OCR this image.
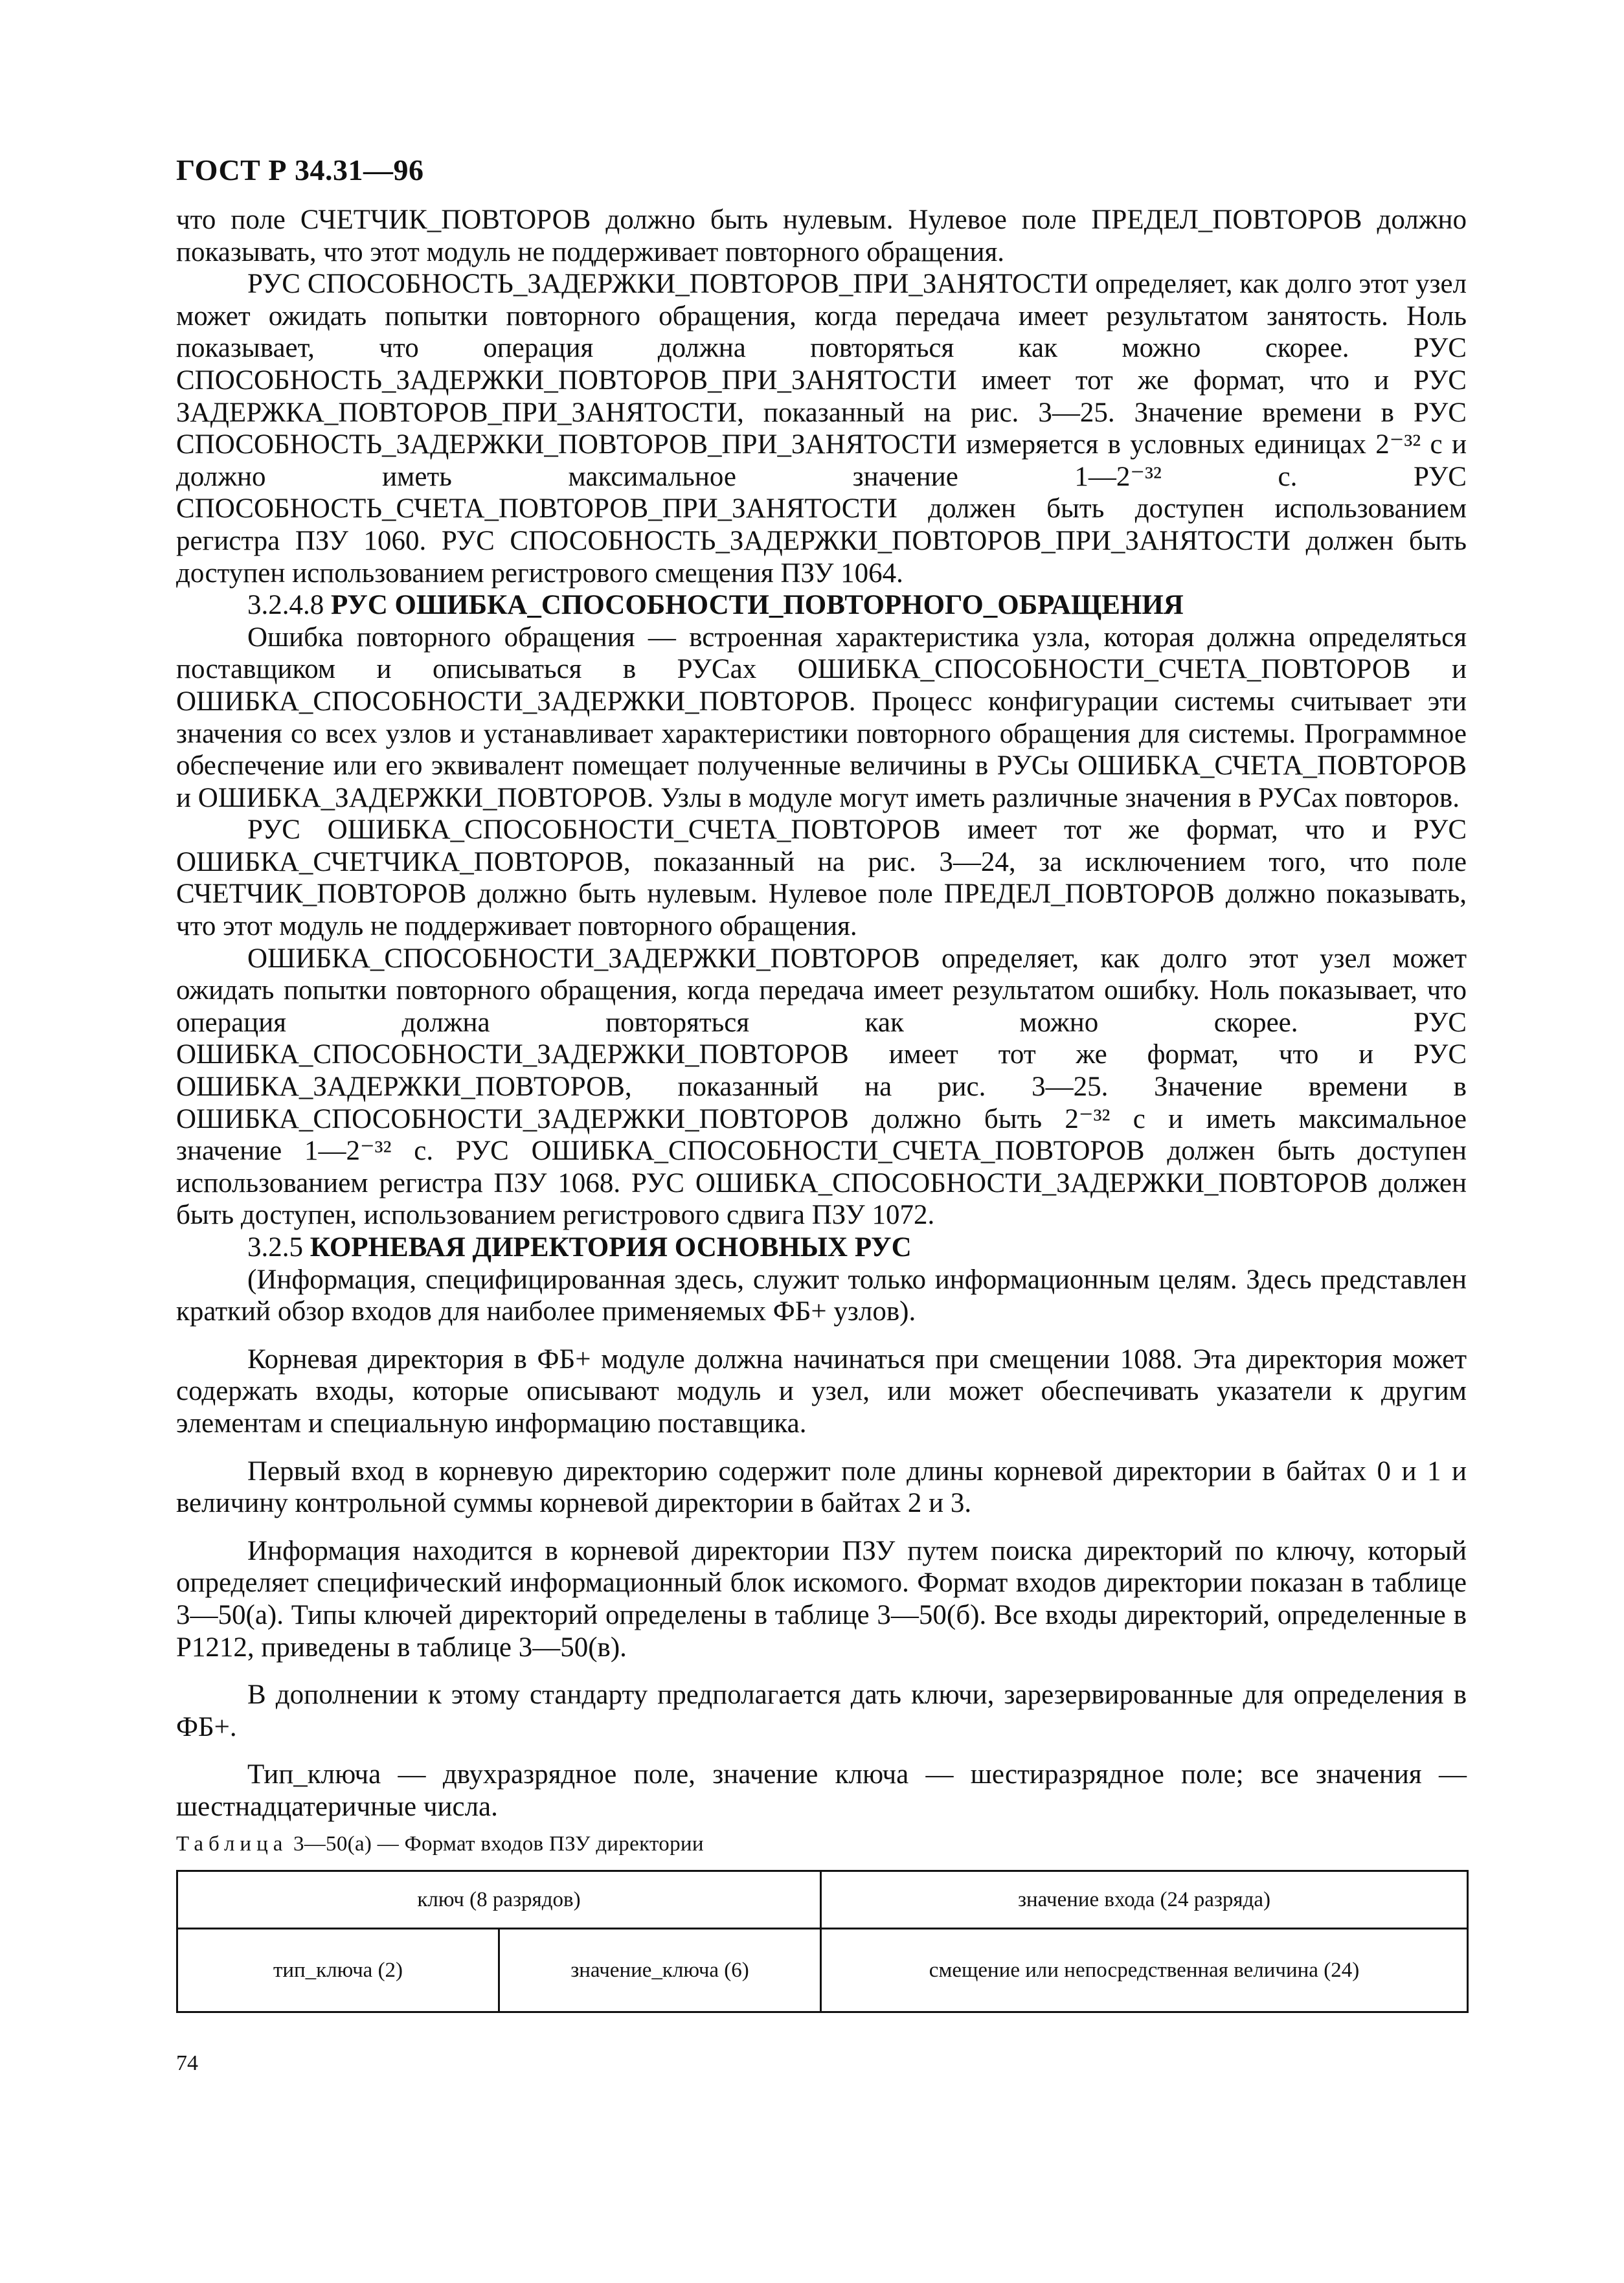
ГОСТ Р 34.31—96

что поле СЧЕТЧИК_ПОВТОРОВ должно быть нулевым. Нулевое поле ПРЕДЕЛ_ПОВТОРОВ должно показывать, что этот модуль не поддерживает повторного обращения.

РУС СПОСОБНОСТЬ_ЗАДЕРЖКИ_ПОВТОРОВ_ПРИ_ЗАНЯТОСТИ определяет, как долго этот узел может ожидать попытки повторного обращения, когда передача имеет результатом занятость. Ноль показывает, что операция должна повторяться как можно скорее. РУС СПОСОБНОСТЬ_ЗАДЕРЖКИ_ПОВТОРОВ_ПРИ_ЗАНЯТОСТИ имеет тот же формат, что и РУС ЗАДЕРЖКА_ПОВТОРОВ_ПРИ_ЗАНЯТОСТИ, показанный на рис. 3—25. Значение времени в РУС СПОСОБНОСТЬ_ЗАДЕРЖКИ_ПОВТОРОВ_ПРИ_ЗАНЯТОСТИ измеряется в условных единицах 2⁻³² с и должно иметь максимальное значение 1—2⁻³² с. РУС СПОСОБНОСТЬ_СЧЕТА_ПОВТОРОВ_ПРИ_ЗАНЯТОСТИ должен быть доступен использованием регистра ПЗУ 1060. РУС СПОСОБНОСТЬ_ЗАДЕРЖКИ_ПОВТОРОВ_ПРИ_ЗАНЯТОСТИ должен быть доступен использованием регистрового смещения ПЗУ 1064.

3.2.4.8 РУС ОШИБКА_СПОСОБНОСТИ_ПОВТОРНОГО_ОБРАЩЕНИЯ

Ошибка повторного обращения — встроенная характеристика узла, которая должна определяться поставщиком и описываться в РУСах ОШИБКА_СПОСОБНОСТИ_СЧЕТА_ПОВТОРОВ и ОШИБКА_СПОСОБНОСТИ_ЗАДЕРЖКИ_ПОВТОРОВ. Процесс конфигурации системы считывает эти значения со всех узлов и устанавливает характеристики повторного обращения для системы. Программное обеспечение или его эквивалент помещает полученные величины в РУСы ОШИБКА_СЧЕТА_ПОВТОРОВ и ОШИБКА_ЗАДЕРЖКИ_ПОВТОРОВ. Узлы в модуле могут иметь различные значения в РУСах повторов.

РУС ОШИБКА_СПОСОБНОСТИ_СЧЕТА_ПОВТОРОВ имеет тот же формат, что и РУС ОШИБКА_СЧЕТЧИКА_ПОВТОРОВ, показанный на рис. 3—24, за исключением того, что поле СЧЕТЧИК_ПОВТОРОВ должно быть нулевым. Нулевое поле ПРЕДЕЛ_ПОВТОРОВ должно показывать, что этот модуль не поддерживает повторного обращения.

ОШИБКА_СПОСОБНОСТИ_ЗАДЕРЖКИ_ПОВТОРОВ определяет, как долго этот узел может ожидать попытки повторного обращения, когда передача имеет результатом ошибку. Ноль показывает, что операция должна повторяться как можно скорее. РУС ОШИБКА_СПОСОБНОСТИ_ЗАДЕРЖКИ_ПОВТОРОВ имеет тот же формат, что и РУС ОШИБКА_ЗАДЕРЖКИ_ПОВТОРОВ, показанный на рис. 3—25. Значение времени в ОШИБКА_СПОСОБНОСТИ_ЗАДЕРЖКИ_ПОВТОРОВ должно быть 2⁻³² с и иметь максимальное значение 1—2⁻³² с. РУС ОШИБКА_СПОСОБНОСТИ_СЧЕТА_ПОВТОРОВ должен быть доступен использованием регистра ПЗУ 1068. РУС ОШИБКА_СПОСОБНОСТИ_ЗАДЕРЖКИ_ПОВТОРОВ должен быть доступен, использованием регистрового сдвига ПЗУ 1072.

3.2.5 КОРНЕВАЯ ДИРЕКТОРИЯ ОСНОВНЫХ РУС

(Информация, специфицированная здесь, служит только информационным целям. Здесь представлен краткий обзор входов для наиболее применяемых ФБ+ узлов).

Корневая директория в ФБ+ модуле должна начинаться при смещении 1088. Эта директория может содержать входы, которые описывают модуль и узел, или может обеспечивать указатели к другим элементам и специальную информацию поставщика.

Первый вход в корневую директорию содержит поле длины корневой директории в байтах 0 и 1 и величину контрольной суммы корневой директории в байтах 2 и 3.

Информация находится в корневой директории ПЗУ путем поиска директорий по ключу, который определяет специфический информационный блок искомого. Формат входов директории показан в таблице 3—50(а). Типы ключей директорий определены в таблице 3—50(б). Все входы директорий, определенные в Р1212, приведены в таблице 3—50(в).

В дополнении к этому стандарту предполагается дать ключи, зарезервированные для определения в ФБ+.

Тип_ключа — двухразрядное поле, значение ключа — шестиразрядное поле; все значения — шестнадцатеричные числа.

Таблица 3—50(а) — Формат входов ПЗУ директории
ключ (8 разрядов)		значение входа (24 разряда)
тип_ключа (2)	значение_ключа (6)	смещение или непосредственная величина (24)
74
